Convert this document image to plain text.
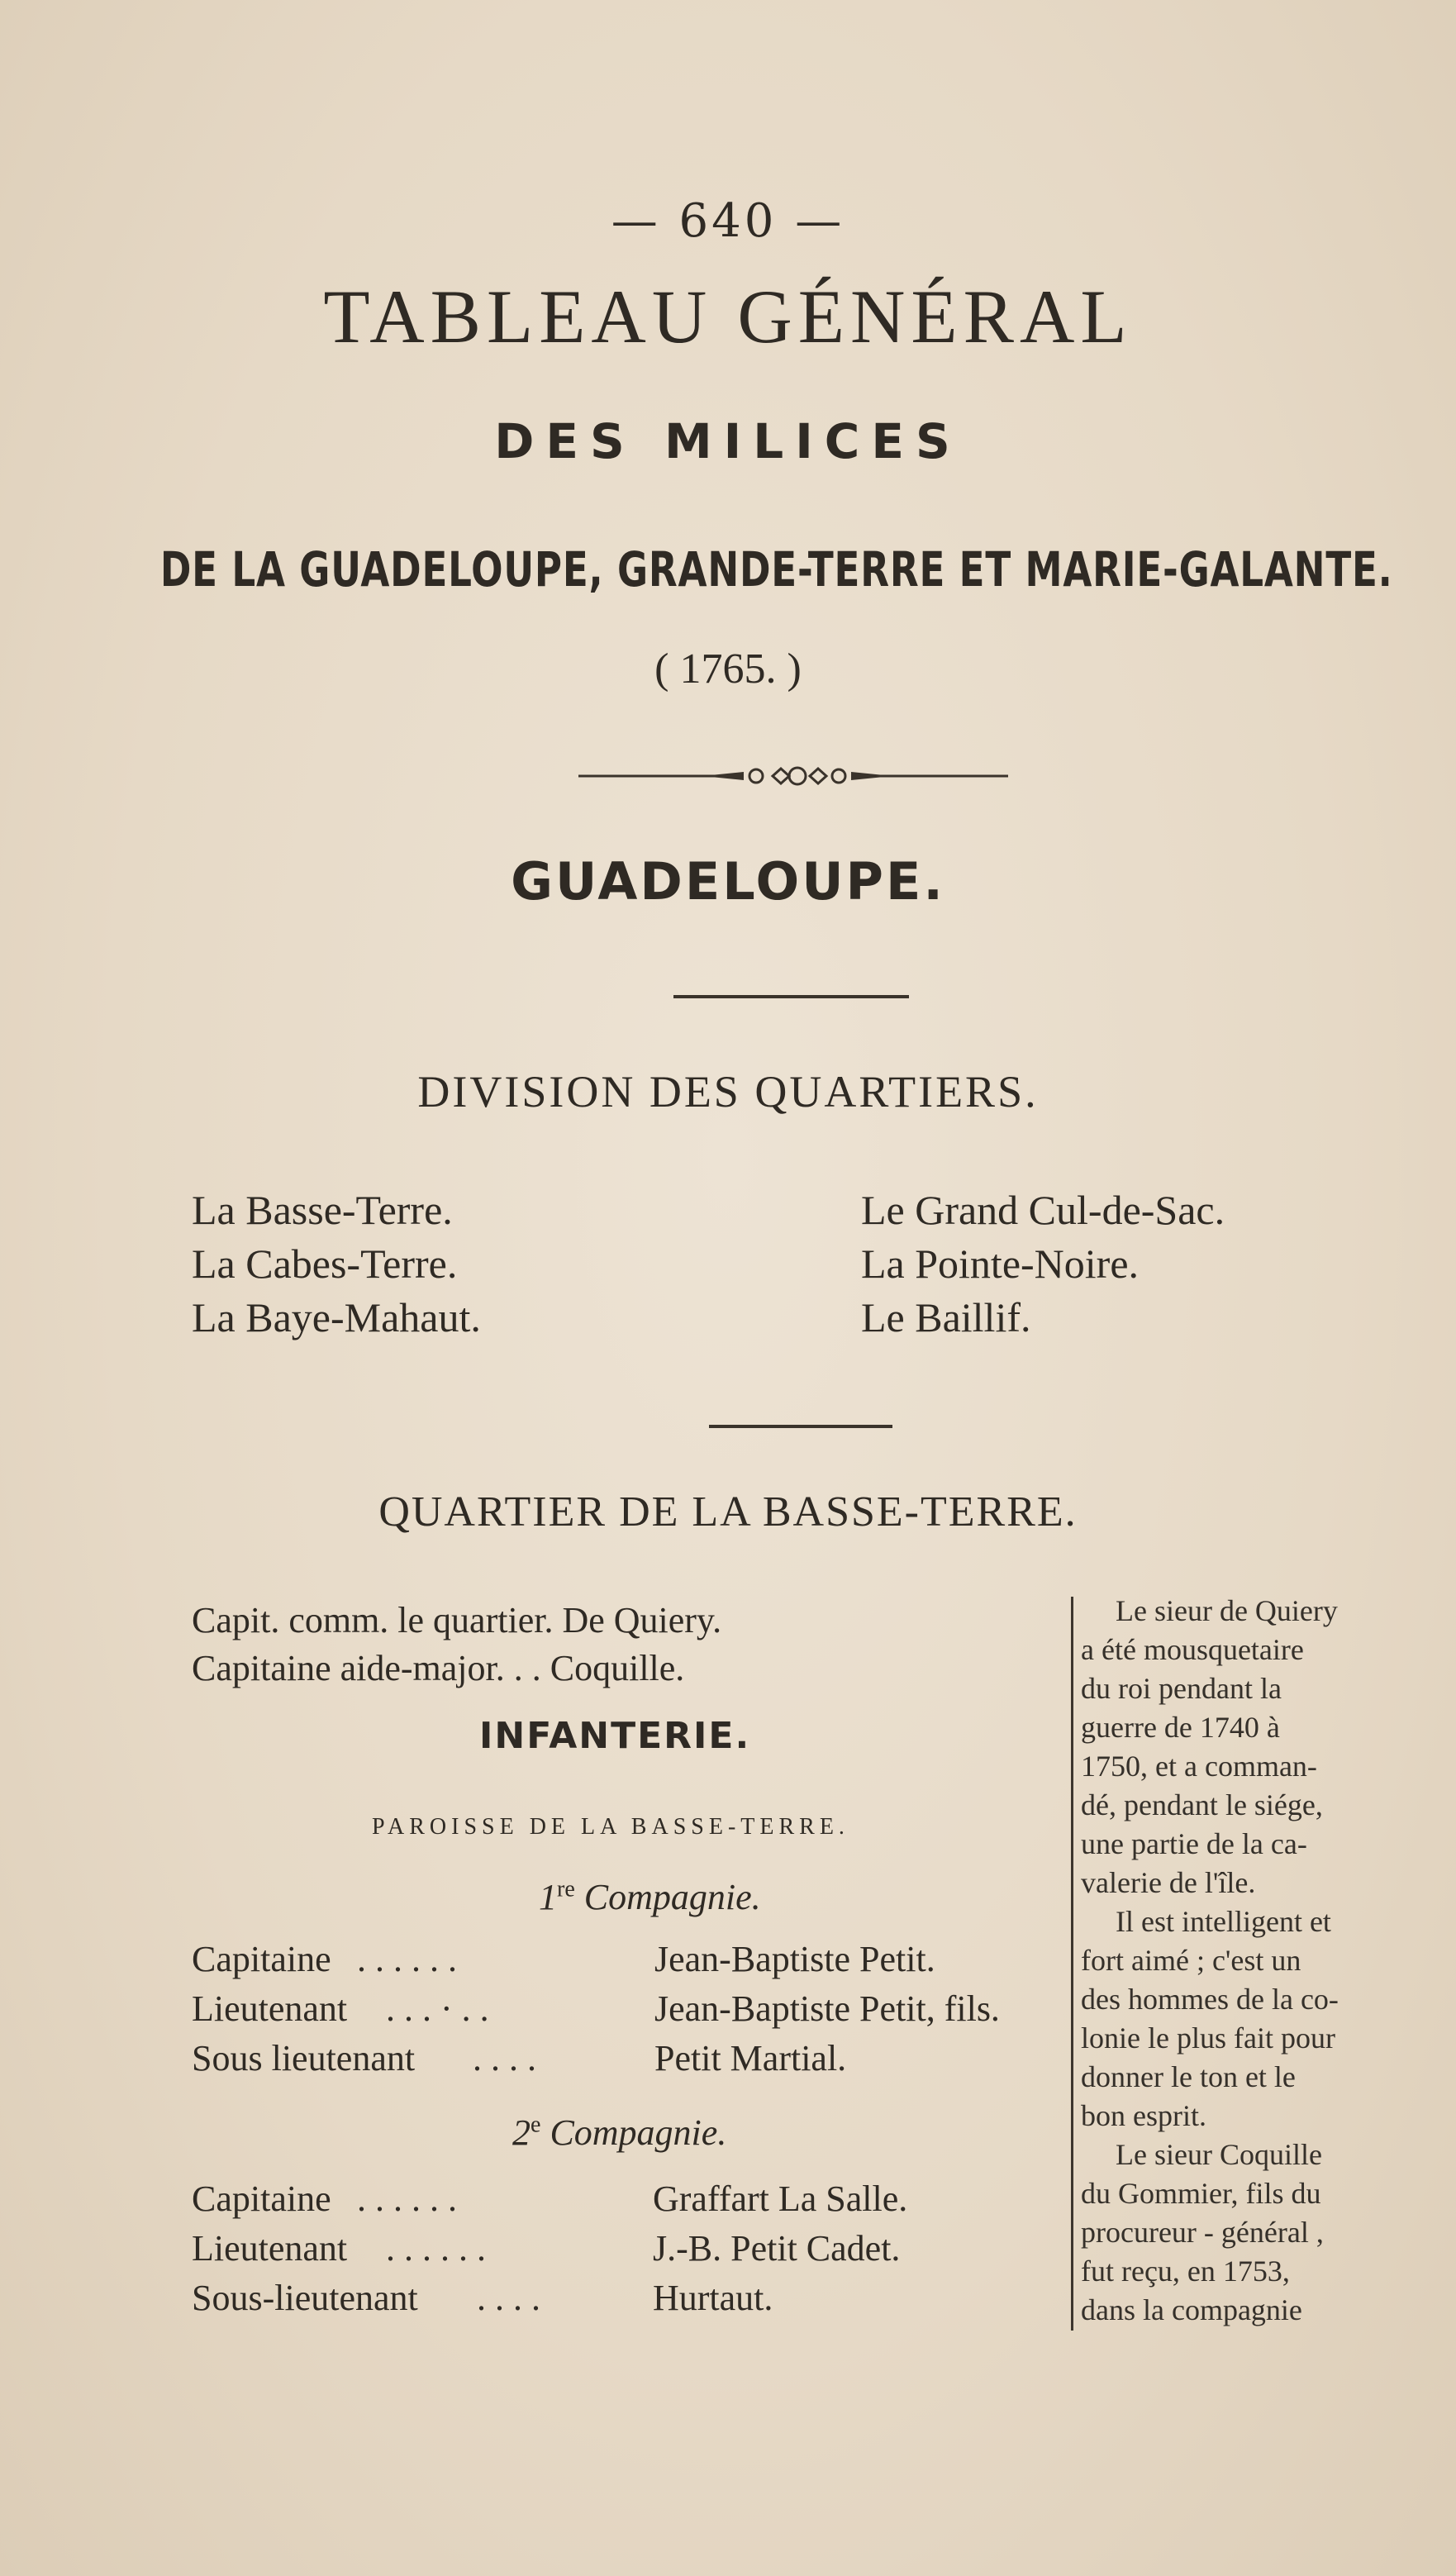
— 640 —
TABLEAU GÉNÉRAL
DES MILICES
DE LA GUADELOUPE, GRANDE-TERRE ET MARIE-GALANTE.
( 1765. )
GUADELOUPE.
DIVISION DES QUARTIERS.
La Basse-Terre.
La Cabes-Terre.
La Baye-Mahaut.
Le Grand Cul-de-Sac.
La Pointe-Noire.
Le Baillif.
QUARTIER DE LA BASSE-TERRE.
Capit. comm. le quartier. De Quiery.
Capitaine aide-major. . . Coquille.
INFANTERIE.
PAROISSE DE LA BASSE-TERRE.
1re Compagnie.
Capitaine . . . . . .	Jean-Baptiste Petit.
Lieutenant . . . · . .	Jean-Baptiste Petit, fils.
Sous lieutenant . . . .	Petit Martial.
2e Compagnie.
Capitaine . . . . . .	Graffart La Salle.
Lieutenant . . . . . .	J.-B. Petit Cadet.
Sous-lieutenant . . . .	Hurtaut.
Le sieur de Quiery
a été mousquetaire
du roi pendant la
guerre de 1740 à
1750, et a comman-
dé, pendant le siége,
une partie de la ca-
valerie de l'île.
Il est intelligent et
fort aimé ; c'est un
des hommes de la co-
lonie le plus fait pour
donner le ton et le
bon esprit.
Le sieur Coquille
du Gommier, fils du
procureur - général ,
fut reçu, en 1753,
dans la compagnie
